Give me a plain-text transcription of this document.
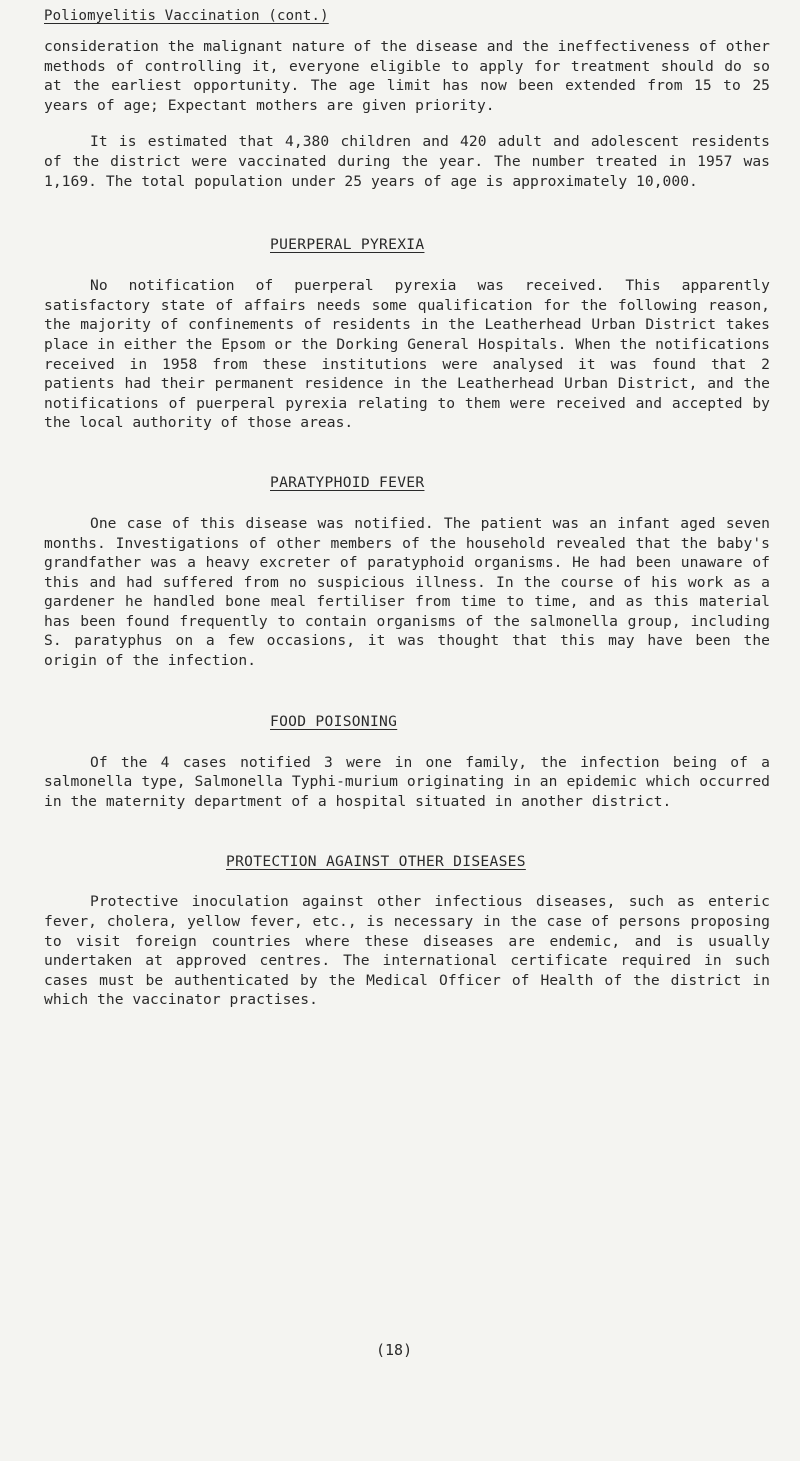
Poliomyelitis Vaccination (cont.)

consideration the malignant nature of the disease and the ineffectiveness of other methods of controlling it, everyone eligible to apply for treatment should do so at the earliest opportunity. The age limit has now been extended from 15 to 25 years of age; Expectant mothers are given priority.

It is estimated that 4,380 children and 420 adult and adolescent residents of the district were vaccinated during the year. The number treated in 1957 was 1,169. The total population under 25 years of age is approximately 10,000.

PUERPERAL PYREXIA

No notification of puerperal pyrexia was received. This apparently satisfactory state of affairs needs some qualification for the following reason, the majority of confinements of residents in the Leatherhead Urban District takes place in either the Epsom or the Dorking General Hospitals. When the notifications received in 1958 from these institutions were analysed it was found that 2 patients had their permanent residence in the Leatherhead Urban District, and the notifications of puerperal pyrexia relating to them were received and accepted by the local authority of those areas.

PARATYPHOID FEVER

One case of this disease was notified. The patient was an infant aged seven months. Investigations of other members of the household revealed that the baby's grandfather was a heavy excreter of paratyphoid organisms. He had been unaware of this and had suffered from no suspicious illness. In the course of his work as a gardener he handled bone meal fertiliser from time to time, and as this material has been found frequently to contain organisms of the salmonella group, including S. paratyphus on a few occasions, it was thought that this may have been the origin of the infection.

FOOD POISONING

Of the 4 cases notified 3 were in one family, the infection being of a salmonella type, Salmonella Typhi-murium originating in an epidemic which occurred in the maternity department of a hospital situated in another district.

PROTECTION AGAINST OTHER DISEASES

Protective inoculation against other infectious diseases, such as enteric fever, cholera, yellow fever, etc., is necessary in the case of persons proposing to visit foreign countries where these diseases are endemic, and is usually undertaken at approved centres. The international certificate required in such cases must be authenticated by the Medical Officer of Health of the district in which the vaccinator practises.

(18)
